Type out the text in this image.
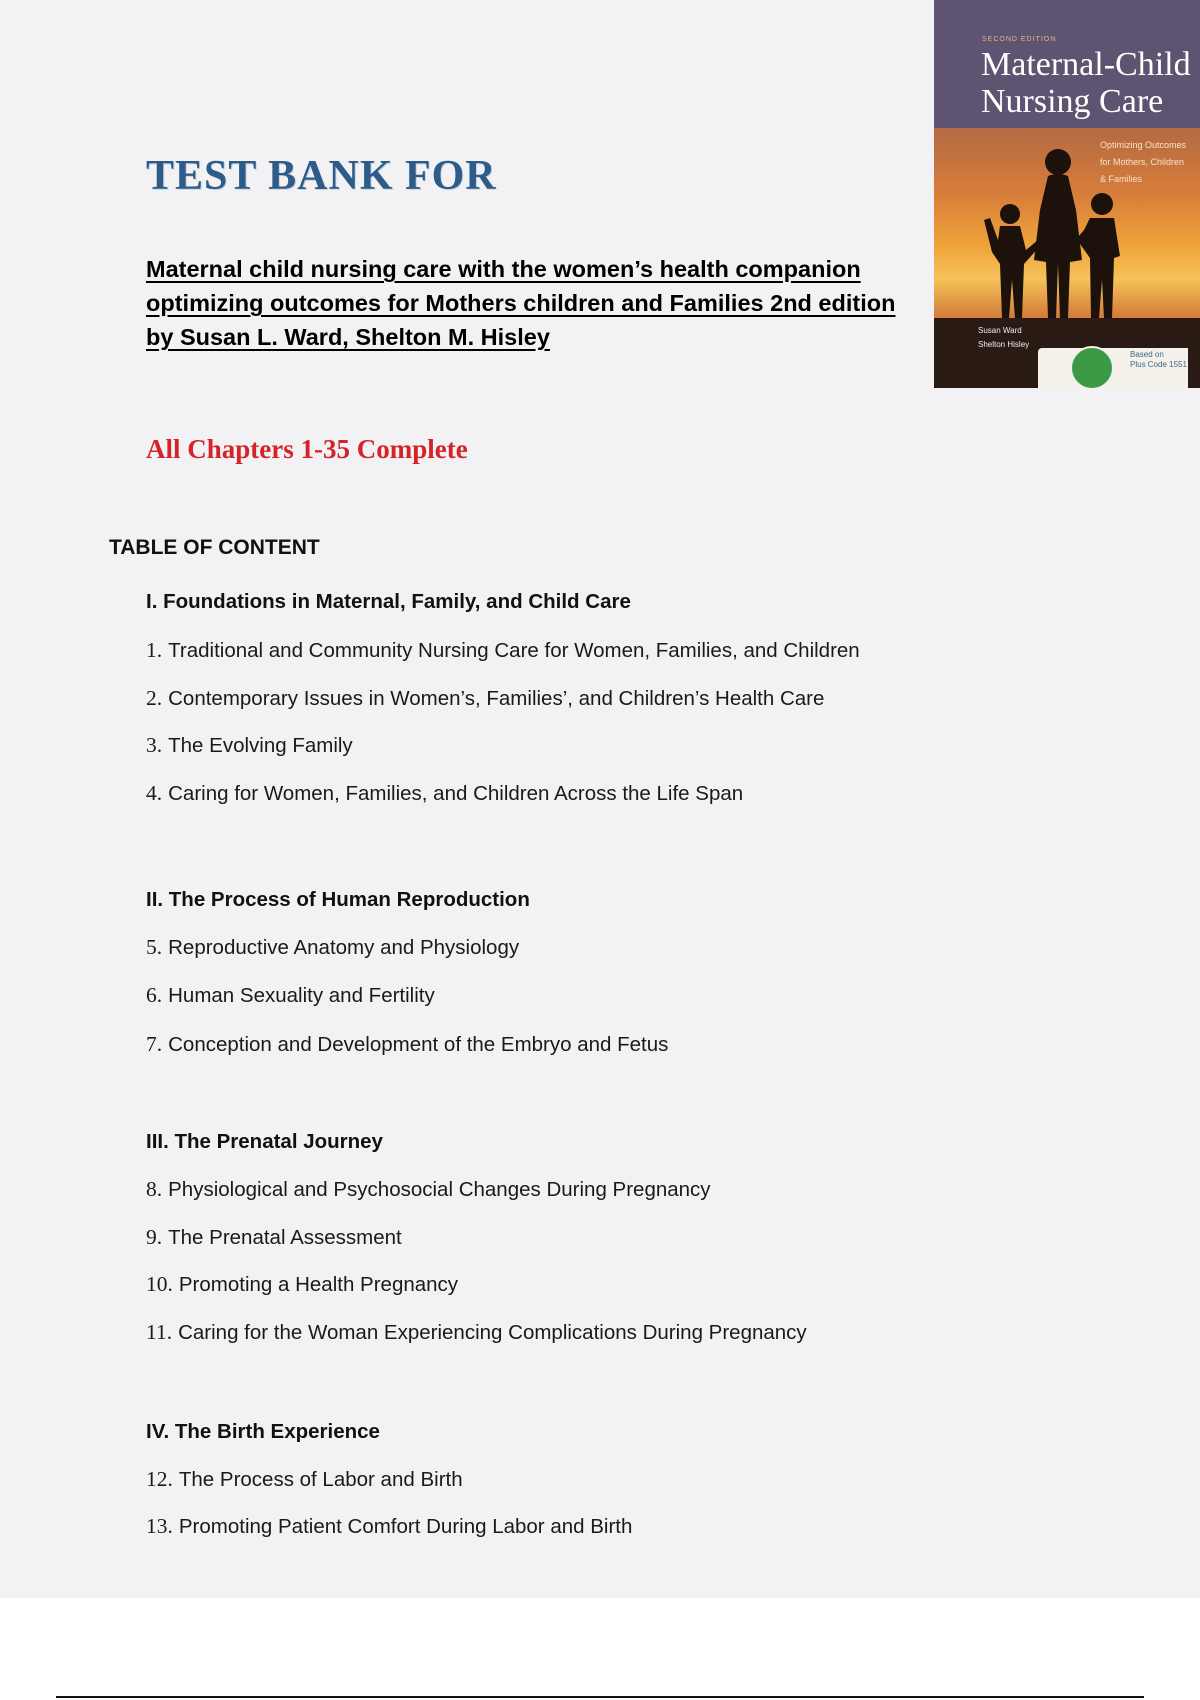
TEST BANK FOR

Maternal child nursing care with the women’s health companion optimizing outcomes for Mothers children and Families 2nd edition by Susan L. Ward, Shelton M. Hisley

All Chapters 1-35 Complete

TABLE OF CONTENT

I. Foundations in Maternal, Family, and Child Care

1. Traditional and Community Nursing Care for Women, Families, and Children

2. Contemporary Issues in Women’s, Families’, and Children’s Health Care

3. The Evolving Family

4. Caring for Women, Families, and Children Across the Life Span

II. The Process of Human Reproduction

5. Reproductive Anatomy and Physiology

6. Human Sexuality and Fertility

7. Conception and Development of the Embryo and Fetus

III. The Prenatal Journey

8. Physiological and Psychosocial Changes During Pregnancy

9. The Prenatal Assessment

10. Promoting a Health Pregnancy

11. Caring for the Woman Experiencing Complications During Pregnancy

IV. The Birth Experience

12. The Process of Labor and Birth

13. Promoting Patient Comfort During Labor and Birth

SECOND EDITION
Maternal-Child
Nursing Care
Optimizing Outcomes
for Mothers, Children
& Families
Susan Ward
Shelton Hisley
Based on
Plus Code 1551
